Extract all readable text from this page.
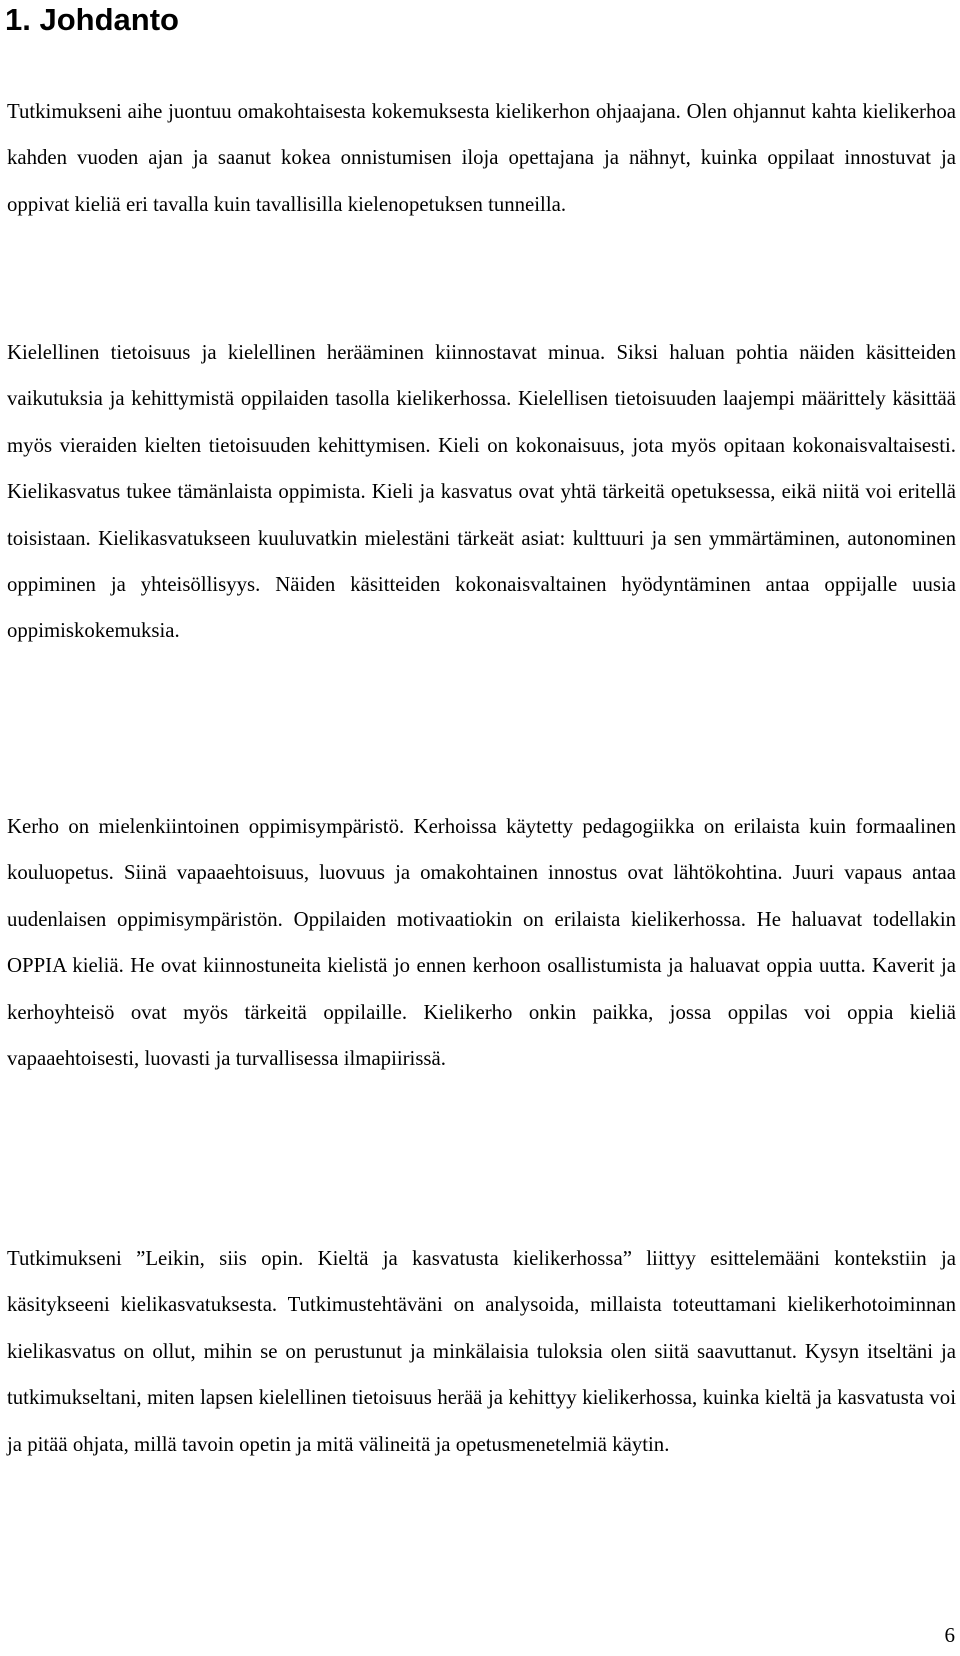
1. Johdanto

Tutkimukseni aihe juontuu omakohtaisesta kokemuksesta kielikerhon ohjaajana. Olen ohjannut kahta kielikerhoa kahden vuoden ajan ja saanut kokea onnistumisen iloja opettajana ja nähnyt, kuinka oppilaat innostuvat ja oppivat kieliä eri tavalla kuin tavallisilla kielenopetuksen tunneilla.

Kielellinen tietoisuus ja kielellinen herääminen kiinnostavat minua. Siksi haluan pohtia näiden käsitteiden vaikutuksia ja kehittymistä oppilaiden tasolla kielikerhossa. Kielellisen tietoisuuden laajempi määrittely käsittää myös vieraiden kielten tietoisuuden kehittymisen. Kieli on kokonaisuus, jota myös opitaan kokonaisvaltaisesti. Kielikasvatus tukee tämänlaista oppimista. Kieli ja kasvatus ovat yhtä tärkeitä opetuksessa, eikä niitä voi eritellä toisistaan. Kielikasvatukseen kuuluvatkin mielestäni tärkeät asiat: kulttuuri ja sen ymmärtäminen, autonominen oppiminen ja yhteisöllisyys. Näiden käsitteiden kokonaisvaltainen hyödyntäminen antaa oppijalle uusia oppimiskokemuksia.

Kerho on mielenkiintoinen oppimisympäristö. Kerhoissa käytetty pedagogiikka on erilaista kuin formaalinen kouluopetus. Siinä vapaaehtoisuus, luovuus ja omakohtainen innostus ovat lähtökohtina. Juuri vapaus antaa uudenlaisen oppimisympäristön. Oppilaiden motivaatiokin on erilaista kielikerhossa. He haluavat todellakin OPPIA kieliä. He ovat kiinnostuneita kielistä jo ennen kerhoon osallistumista ja haluavat oppia uutta. Kaverit ja kerhoyhteisö ovat myös tärkeitä oppilaille. Kielikerho onkin paikka, jossa oppilas voi oppia kieliä vapaaehtoisesti, luovasti ja turvallisessa ilmapiirissä.

Tutkimukseni ”Leikin, siis opin. Kieltä ja kasvatusta kielikerhossa” liittyy esittelemääni kontekstiin ja käsitykseeni kielikasvatuksesta. Tutkimustehtäväni on analysoida, millaista toteuttamani kielikerhotoiminnan kielikasvatus on ollut, mihin se on perustunut ja minkälaisia tuloksia olen siitä saavuttanut. Kysyn itseltäni ja tutkimukseltani, miten lapsen kielellinen tietoisuus herää ja kehittyy kielikerhossa, kuinka kieltä ja kasvatusta voi ja pitää ohjata, millä tavoin opetin ja mitä välineitä ja opetusmenetelmiä käytin.

6
